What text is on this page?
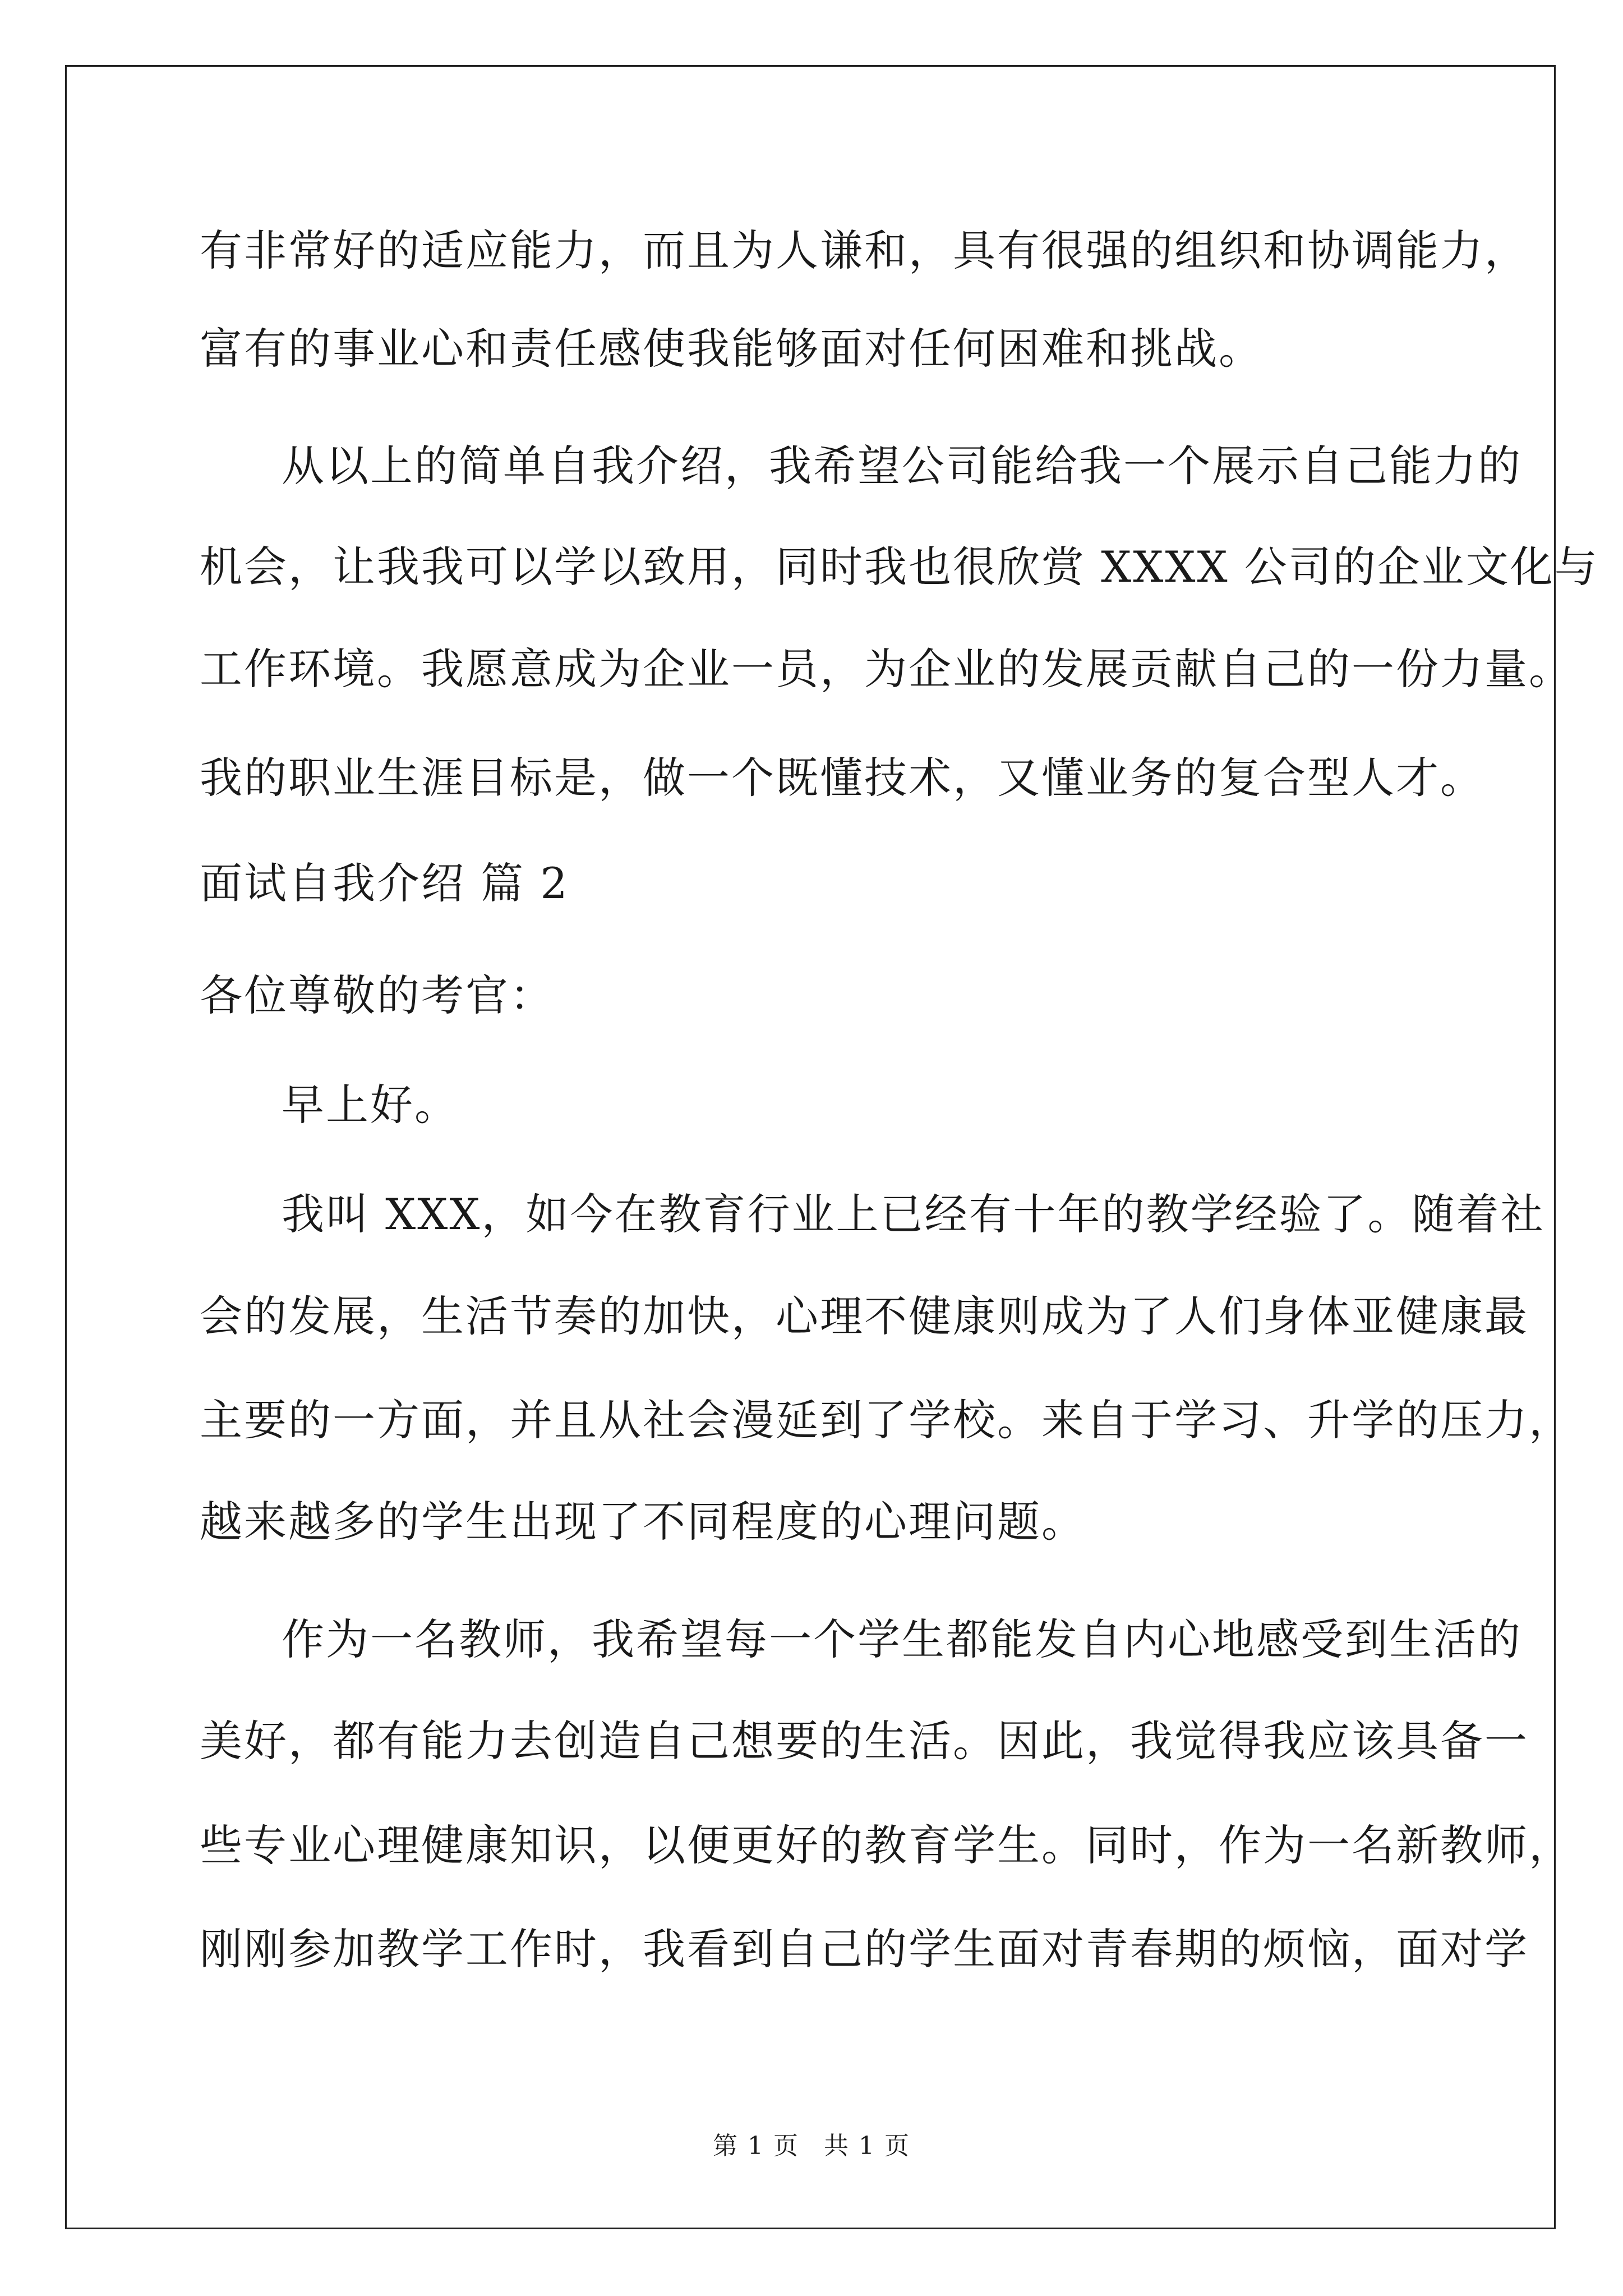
有非常好的适应能力，而且为人谦和，具有很强的组织和协调能力，
富有的事业心和责任感使我能够面对任何困难和挑战。
从以上的简单自我介绍，我希望公司能给我一个展示自己能力的
机会，让我我可以学以致用，同时我也很欣赏 XXXX 公司的企业文化与
工作环境。我愿意成为企业一员，为企业的发展贡献自己的一份力量。
我的职业生涯目标是，做一个既懂技术，又懂业务的复合型人才。
面试自我介绍 篇 2
各位尊敬的考官：
早上好。
我叫 XXX，如今在教育行业上已经有十年的教学经验了。随着社
会的发展，生活节奏的加快，心理不健康则成为了人们身体亚健康最
主要的一方面，并且从社会漫延到了学校。来自于学习、升学的压力，
越来越多的学生出现了不同程度的心理问题。
作为一名教师，我希望每一个学生都能发自内心地感受到生活的
美好，都有能力去创造自己想要的生活。因此，我觉得我应该具备一
些专业心理健康知识，以便更好的教育学生。同时，作为一名新教师，
刚刚参加教学工作时，我看到自己的学生面对青春期的烦恼，面对学
第 1 页 共 1 页
